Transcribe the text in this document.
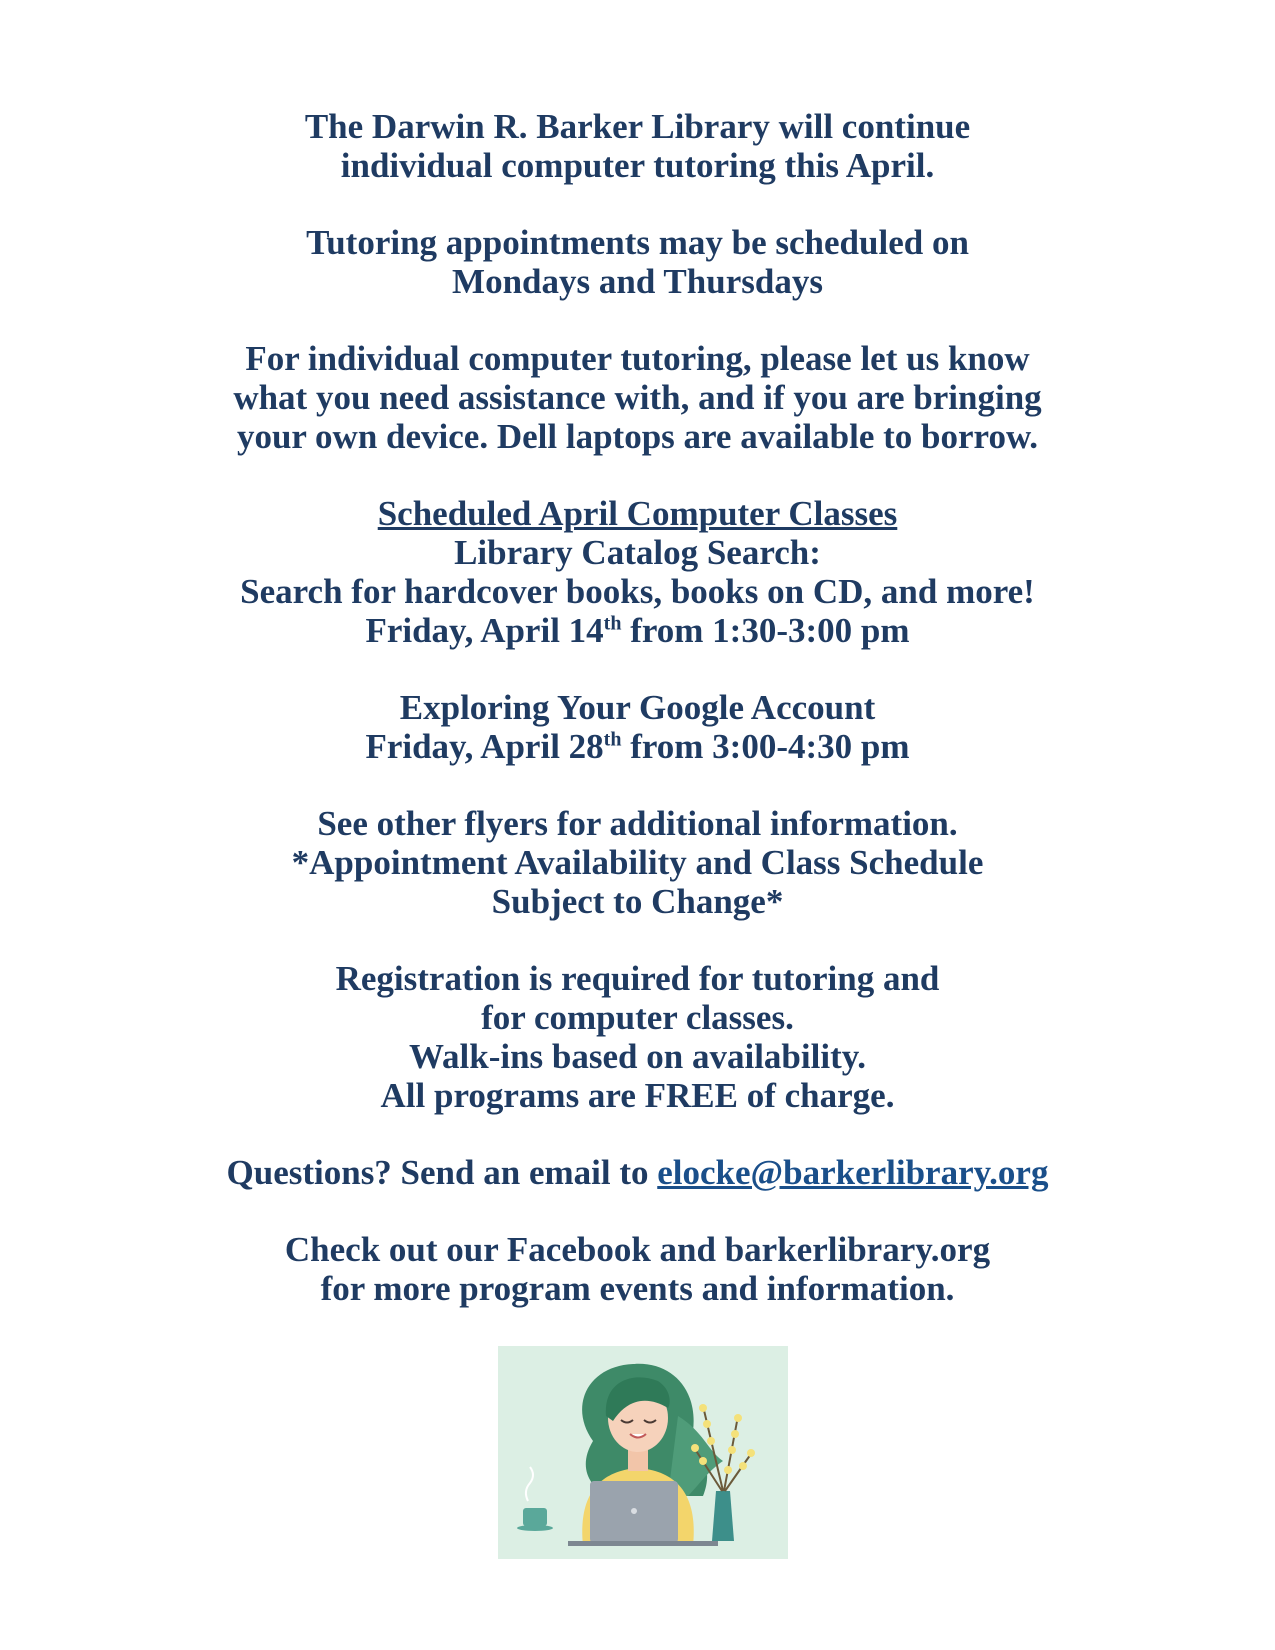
The Darwin R. Barker Library will continue
individual computer tutoring this April.
Tutoring appointments may be scheduled on
Mondays and Thursdays
For individual computer tutoring, please let us know
what you need assistance with, and if you are bringing
your own device. Dell laptops are available to borrow.
Scheduled April Computer Classes
Library Catalog Search:
Search for hardcover books, books on CD, and more!
Friday, April 14th from 1:30-3:00 pm
Exploring Your Google Account
Friday, April 28th from 3:00-4:30 pm
See other flyers for additional information.
*Appointment Availability and Class Schedule
Subject to Change*
Registration is required for tutoring and
for computer classes.
Walk-ins based on availability.
All programs are FREE of charge.
Questions? Send an email to elocke@barkerlibrary.org
Check out our Facebook and barkerlibrary.org
for more program events and information.
